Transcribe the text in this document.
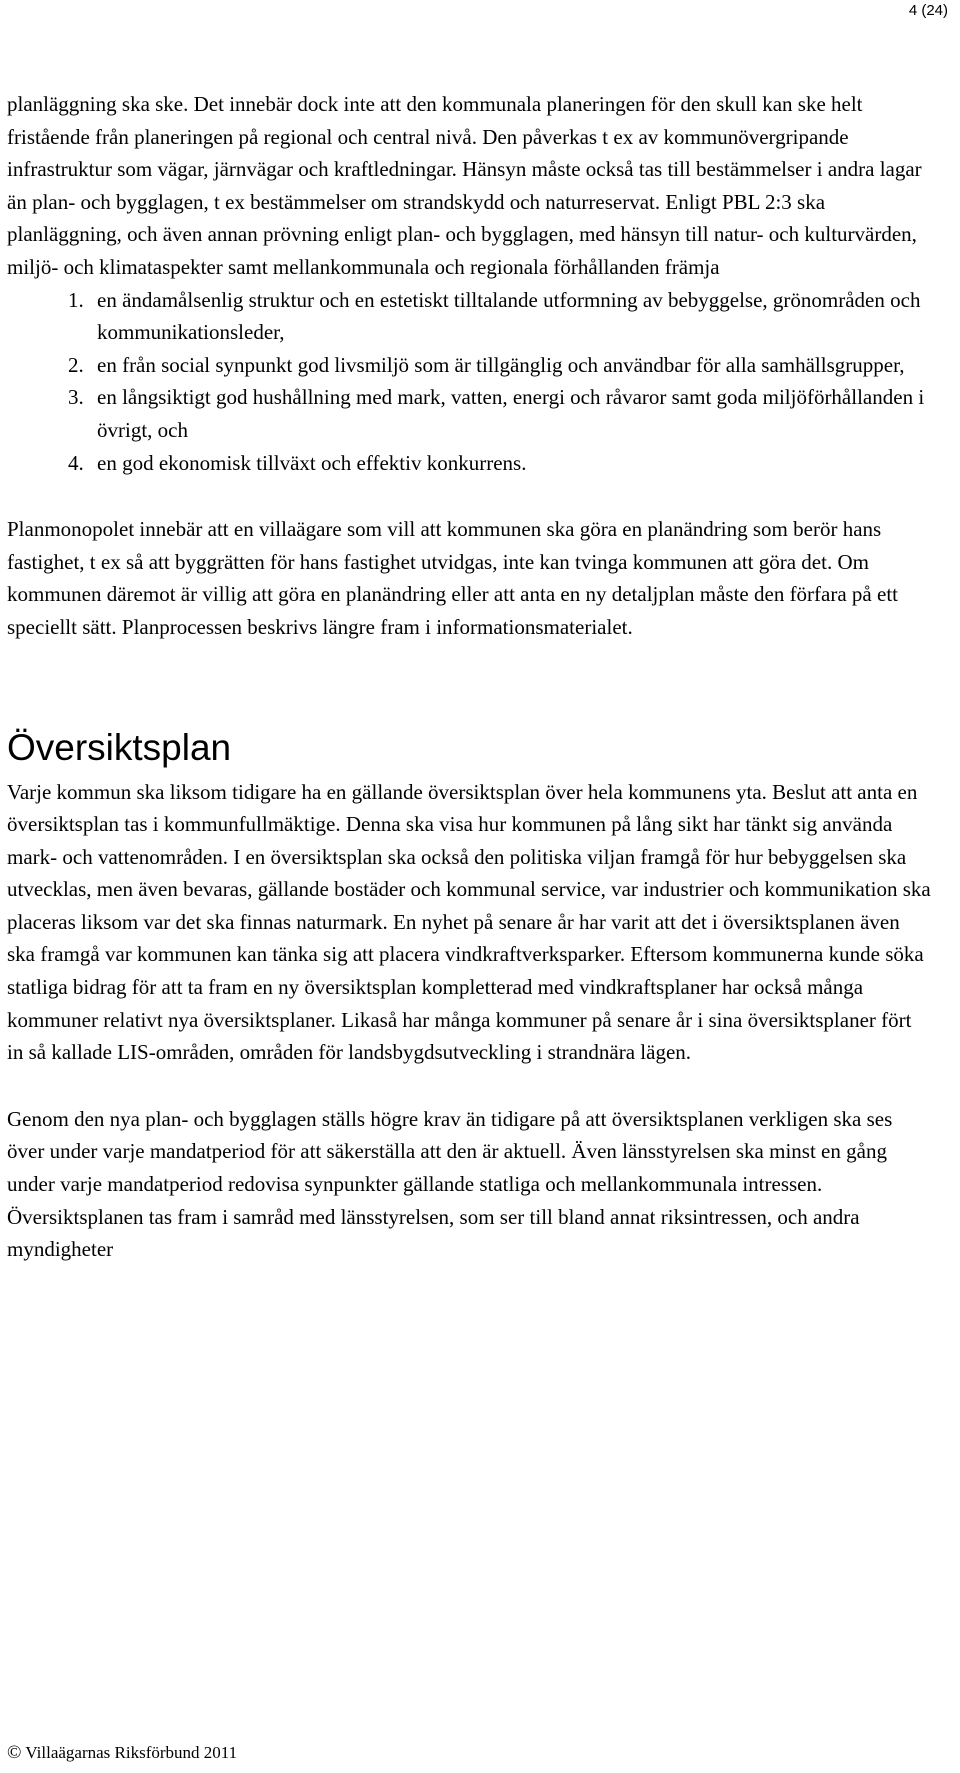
4 (24)

planläggning ska ske. Det innebär dock inte att den kommunala planeringen för den skull kan ske helt fristående från planeringen på regional och central nivå. Den påverkas t ex av kommunövergripande infrastruktur som vägar, järnvägar och kraftledningar. Hänsyn måste också tas till bestämmelser i andra lagar än plan- och bygglagen, t ex bestämmelser om strandskydd och naturreservat. Enligt PBL 2:3 ska planläggning, och även annan prövning enligt plan- och bygglagen, med hänsyn till natur- och kulturvärden, miljö- och klimataspekter samt mellankommunala och regionala förhållanden främja

1. en ändamålsenlig struktur och en estetiskt tilltalande utformning av bebyggelse, grönområden och kommunikationsleder,
2. en från social synpunkt god livsmiljö som är tillgänglig och användbar för alla samhällsgrupper,
3. en långsiktigt god hushållning med mark, vatten, energi och råvaror samt goda miljöförhållanden i övrigt, och
4. en god ekonomisk tillväxt och effektiv konkurrens.

Planmonopolet innebär att en villaägare som vill att kommunen ska göra en planändring som berör hans fastighet, t ex så att byggrätten för hans fastighet utvidgas, inte kan tvinga kommunen att göra det. Om kommunen däremot är villig att göra en planändring eller att anta en ny detaljplan måste den förfara på ett speciellt sätt. Planprocessen beskrivs längre fram i informationsmaterialet.

Översiktsplan

Varje kommun ska liksom tidigare ha en gällande översiktsplan över hela kommunens yta. Beslut att anta en översiktsplan tas i kommunfullmäktige. Denna ska visa hur kommunen på lång sikt har tänkt sig använda mark- och vattenområden. I en översiktsplan ska också den politiska viljan framgå för hur bebyggelsen ska utvecklas, men även bevaras, gällande bostäder och kommunal service, var industrier och kommunikation ska placeras liksom var det ska finnas naturmark. En nyhet på senare år har varit att det i översiktsplanen även ska framgå var kommunen kan tänka sig att placera vindkraftverksparker. Eftersom kommunerna kunde söka statliga bidrag för att ta fram en ny översiktsplan kompletterad med vindkraftsplaner har också många kommuner relativt nya översiktsplaner. Likaså har många kommuner på senare år i sina översiktsplaner fört in så kallade LIS-områden, områden för landsbygdsutveckling i strandnära lägen.

Genom den nya plan- och bygglagen ställs högre krav än tidigare på att översiktsplanen verkligen ska ses över under varje mandatperiod för att säkerställa att den är aktuell. Även länsstyrelsen ska minst en gång under varje mandatperiod redovisa synpunkter gällande statliga och mellankommunala intressen. Översiktsplanen tas fram i samråd med länsstyrelsen, som ser till bland annat riksintressen, och andra myndigheter

© Villaägarnas Riksförbund 2011
